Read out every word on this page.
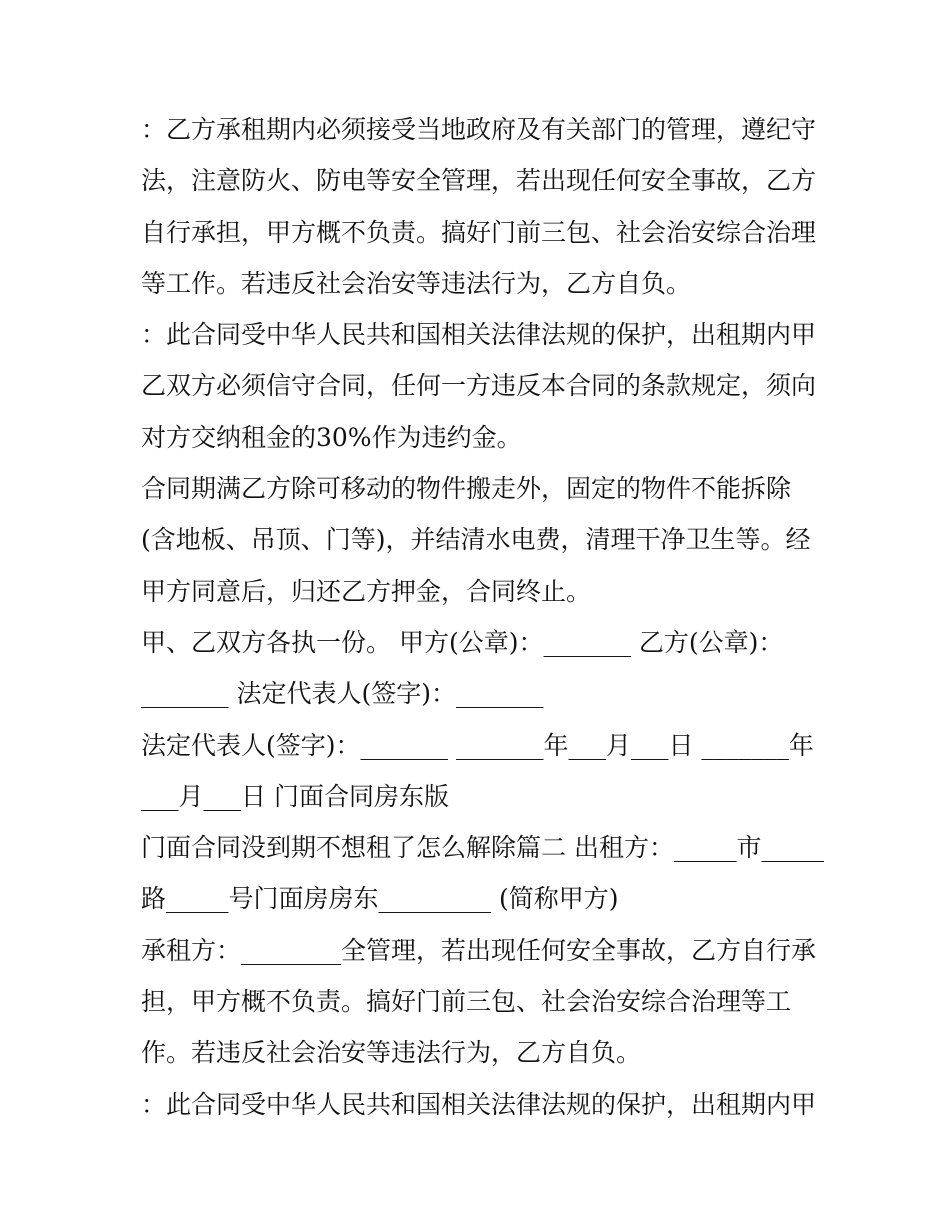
：乙方承租期内必须接受当地政府及有关部门的管理，遵纪守
法，注意防火、防电等安全管理，若出现任何安全事故，乙方
自行承担，甲方概不负责。搞好门前三包、社会治安综合治理
等工作。若违反社会治安等违法行为，乙方自负。
：此合同受中华人民共和国相关法律法规的保护，出租期内甲
乙双方必须信守合同，任何一方违反本合同的条款规定，须向
对方交纳租金的30%作为违约金。
合同期满乙方除可移动的物件搬走外，固定的物件不能拆除
(含地板、吊顶、门等)，并结清水电费，清理干净卫生等。经
甲方同意后，归还乙方押金，合同终止。
甲、乙双方各执一份。 甲方(公章)：_______ 乙方(公章)：
_______ 法定代表人(签字)：_______
法定代表人(签字)：_______ _______年___月___日 _______年
___月___日 门面合同房东版
门面合同没到期不想租了怎么解除篇二 出租方：_____市_____
路_____号门面房房东_________ (简称甲方)
承租方：________全管理，若出现任何安全事故，乙方自行承
担，甲方概不负责。搞好门前三包、社会治安综合治理等工
作。若违反社会治安等违法行为，乙方自负。
：此合同受中华人民共和国相关法律法规的保护，出租期内甲
